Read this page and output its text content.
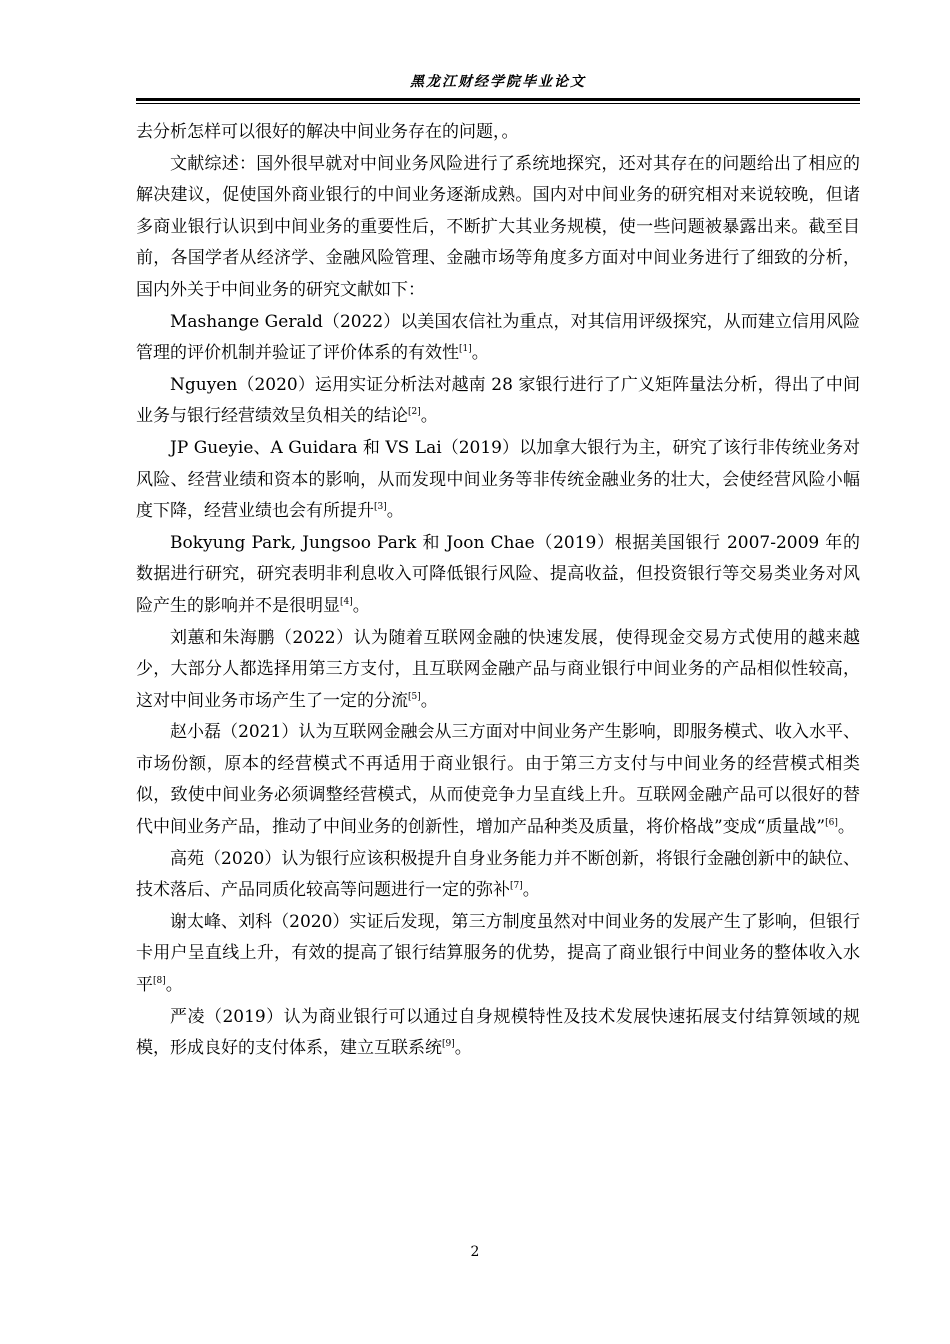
黑龙江财经学院毕业论文

去分析怎样可以很好的解决中间业务存在的问题，。

文献综述：国外很早就对中间业务风险进行了系统地探究，还对其存在的问题给出了相应的解决建议，促使国外商业银行的中间业务逐渐成熟。国内对中间业务的研究相对来说较晚，但诸多商业银行认识到中间业务的重要性后，不断扩大其业务规模，使一些问题被暴露出来。截至目前，各国学者从经济学、金融风险管理、金融市场等角度多方面对中间业务进行了细致的分析，国内外关于中间业务的研究文献如下：

Mashange Gerald（2022）以美国农信社为重点，对其信用评级探究，从而建立信用风险管理的评价机制并验证了评价体系的有效性[1]。

Nguyen（2020）运用实证分析法对越南 28 家银行进行了广义矩阵量法分析，得出了中间业务与银行经营绩效呈负相关的结论[2]。

JP Gueyie、A Guidara 和 VS Lai（2019）以加拿大银行为主，研究了该行非传统业务对风险、经营业绩和资本的影响，从而发现中间业务等非传统金融业务的壮大，会使经营风险小幅度下降，经营业绩也会有所提升[3]。

Bokyung Park, Jungsoo Park 和 Joon Chae（2019）根据美国银行 2007-2009 年的数据进行研究，研究表明非利息收入可降低银行风险、提高收益，但投资银行等交易类业务对风险产生的影响并不是很明显[4]。

刘蕙和朱海鹏（2022）认为随着互联网金融的快速发展，使得现金交易方式使用的越来越少，大部分人都选择用第三方支付，且互联网金融产品与商业银行中间业务的产品相似性较高，这对中间业务市场产生了一定的分流[5]。

赵小磊（2021）认为互联网金融会从三方面对中间业务产生影响，即服务模式、收入水平、市场份额，原本的经营模式不再适用于商业银行。由于第三方支付与中间业务的经营模式相类似，致使中间业务必须调整经营模式，从而使竞争力呈直线上升。互联网金融产品可以很好的替代中间业务产品，推动了中间业务的创新性，增加产品种类及质量，将价格战”变成“质量战”[6]。

高苑（2020）认为银行应该积极提升自身业务能力并不断创新，将银行金融创新中的缺位、技术落后、产品同质化较高等问题进行一定的弥补[7]。

谢太峰、刘科（2020）实证后发现，第三方制度虽然对中间业务的发展产生了影响，但银行卡用户呈直线上升，有效的提高了银行结算服务的优势，提高了商业银行中间业务的整体收入水平[8]。

严凌（2019）认为商业银行可以通过自身规模特性及技术发展快速拓展支付结算领域的规模，形成良好的支付体系，建立互联系统[9]。

2
